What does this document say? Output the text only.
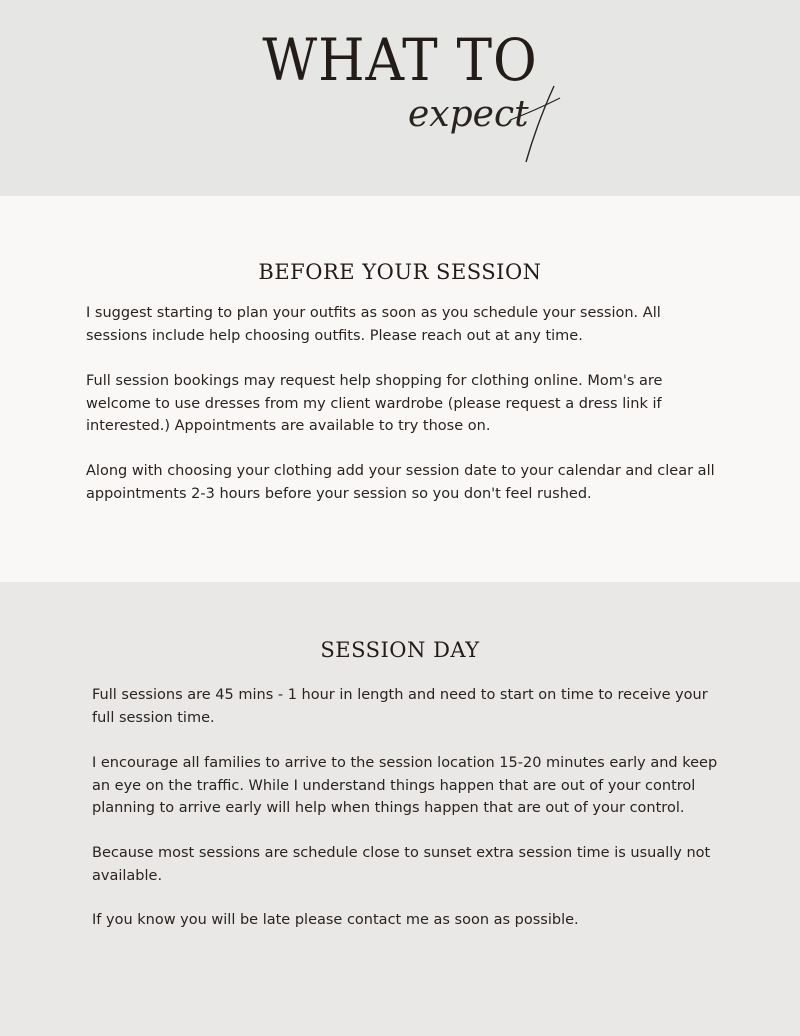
WHAT TO
expect
BEFORE YOUR SESSION

I suggest starting to plan your outfits as soon as you schedule your session. All sessions include help choosing outfits. Please reach out at any time.

Full session bookings may request help shopping for clothing online. Mom's are welcome to use dresses from my client wardrobe (please request a dress link if interested.) Appointments are available to try those on.

Along with choosing your clothing add your session date to your calendar and clear all appointments 2-3 hours before your session so you don't feel rushed.

SESSION DAY

Full sessions are 45 mins - 1 hour in length and need to start on time to receive your full session time.

I encourage all families to arrive to the session location 15-20 minutes early and keep an eye on the traffic. While I understand things happen that are out of your control planning to arrive early will help when things happen that are out of your control.

Because most sessions are schedule close to sunset extra session time is usually not available.

If you know you will be late please contact me as soon as possible.
